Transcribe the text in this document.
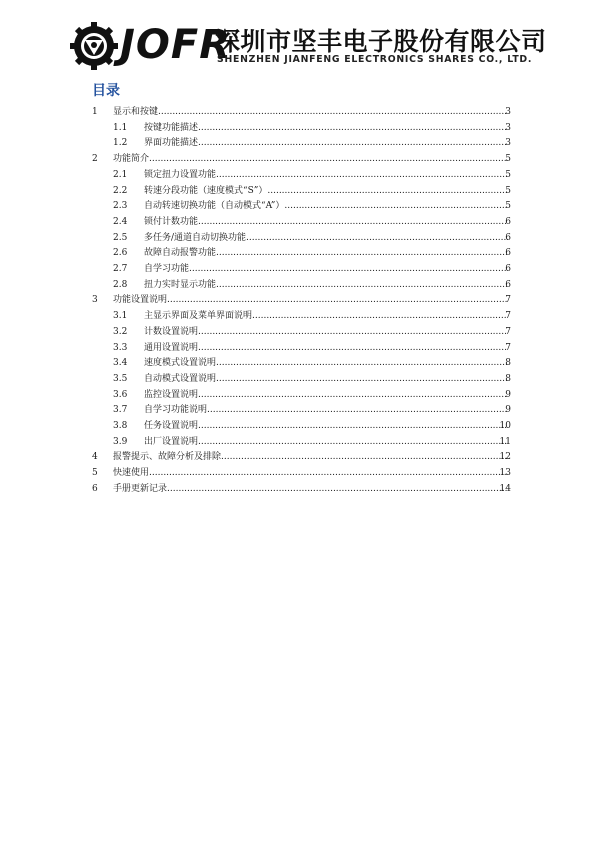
JOFR
深圳市坚丰电子股份有限公司
SHENZHEN JIANFENG ELECTRONICS SHARES CO., LTD.
目录
1 显示和按键 .....	3
1.1 按键功能描述 .....	3
1.2 界面功能描述 .....	3
2 功能简介 .....	5
2.1 锁定扭力设置功能 .....	5
2.2 转速分段功能（速度模式“S”） .....	5
2.3 自动转速切换功能（自动模式“A”） .....	5
2.4 锁付计数功能 .....	6
2.5 多任务/通道自动切换功能 .....	6
2.6 故障自动报警功能 .....	6
2.7 自学习功能 .....	6
2.8 扭力实时显示功能 .....	6
3 功能设置说明 .....	7
3.1 主显示界面及菜单界面说明 .....	7
3.2 计数设置说明 .....	7
3.3 通用设置说明 .....	7
3.4 速度模式设置说明 .....	8
3.5 自动模式设置说明 .....	8
3.6 监控设置说明 .....	9
3.7 自学习功能说明 .....	9
3.8 任务设置说明 .....	10
3.9 出厂设置说明 .....	11
4 报警提示、故障分析及排除 .....	12
5 快速使用 .....	13
6 手册更新记录 .....	14
